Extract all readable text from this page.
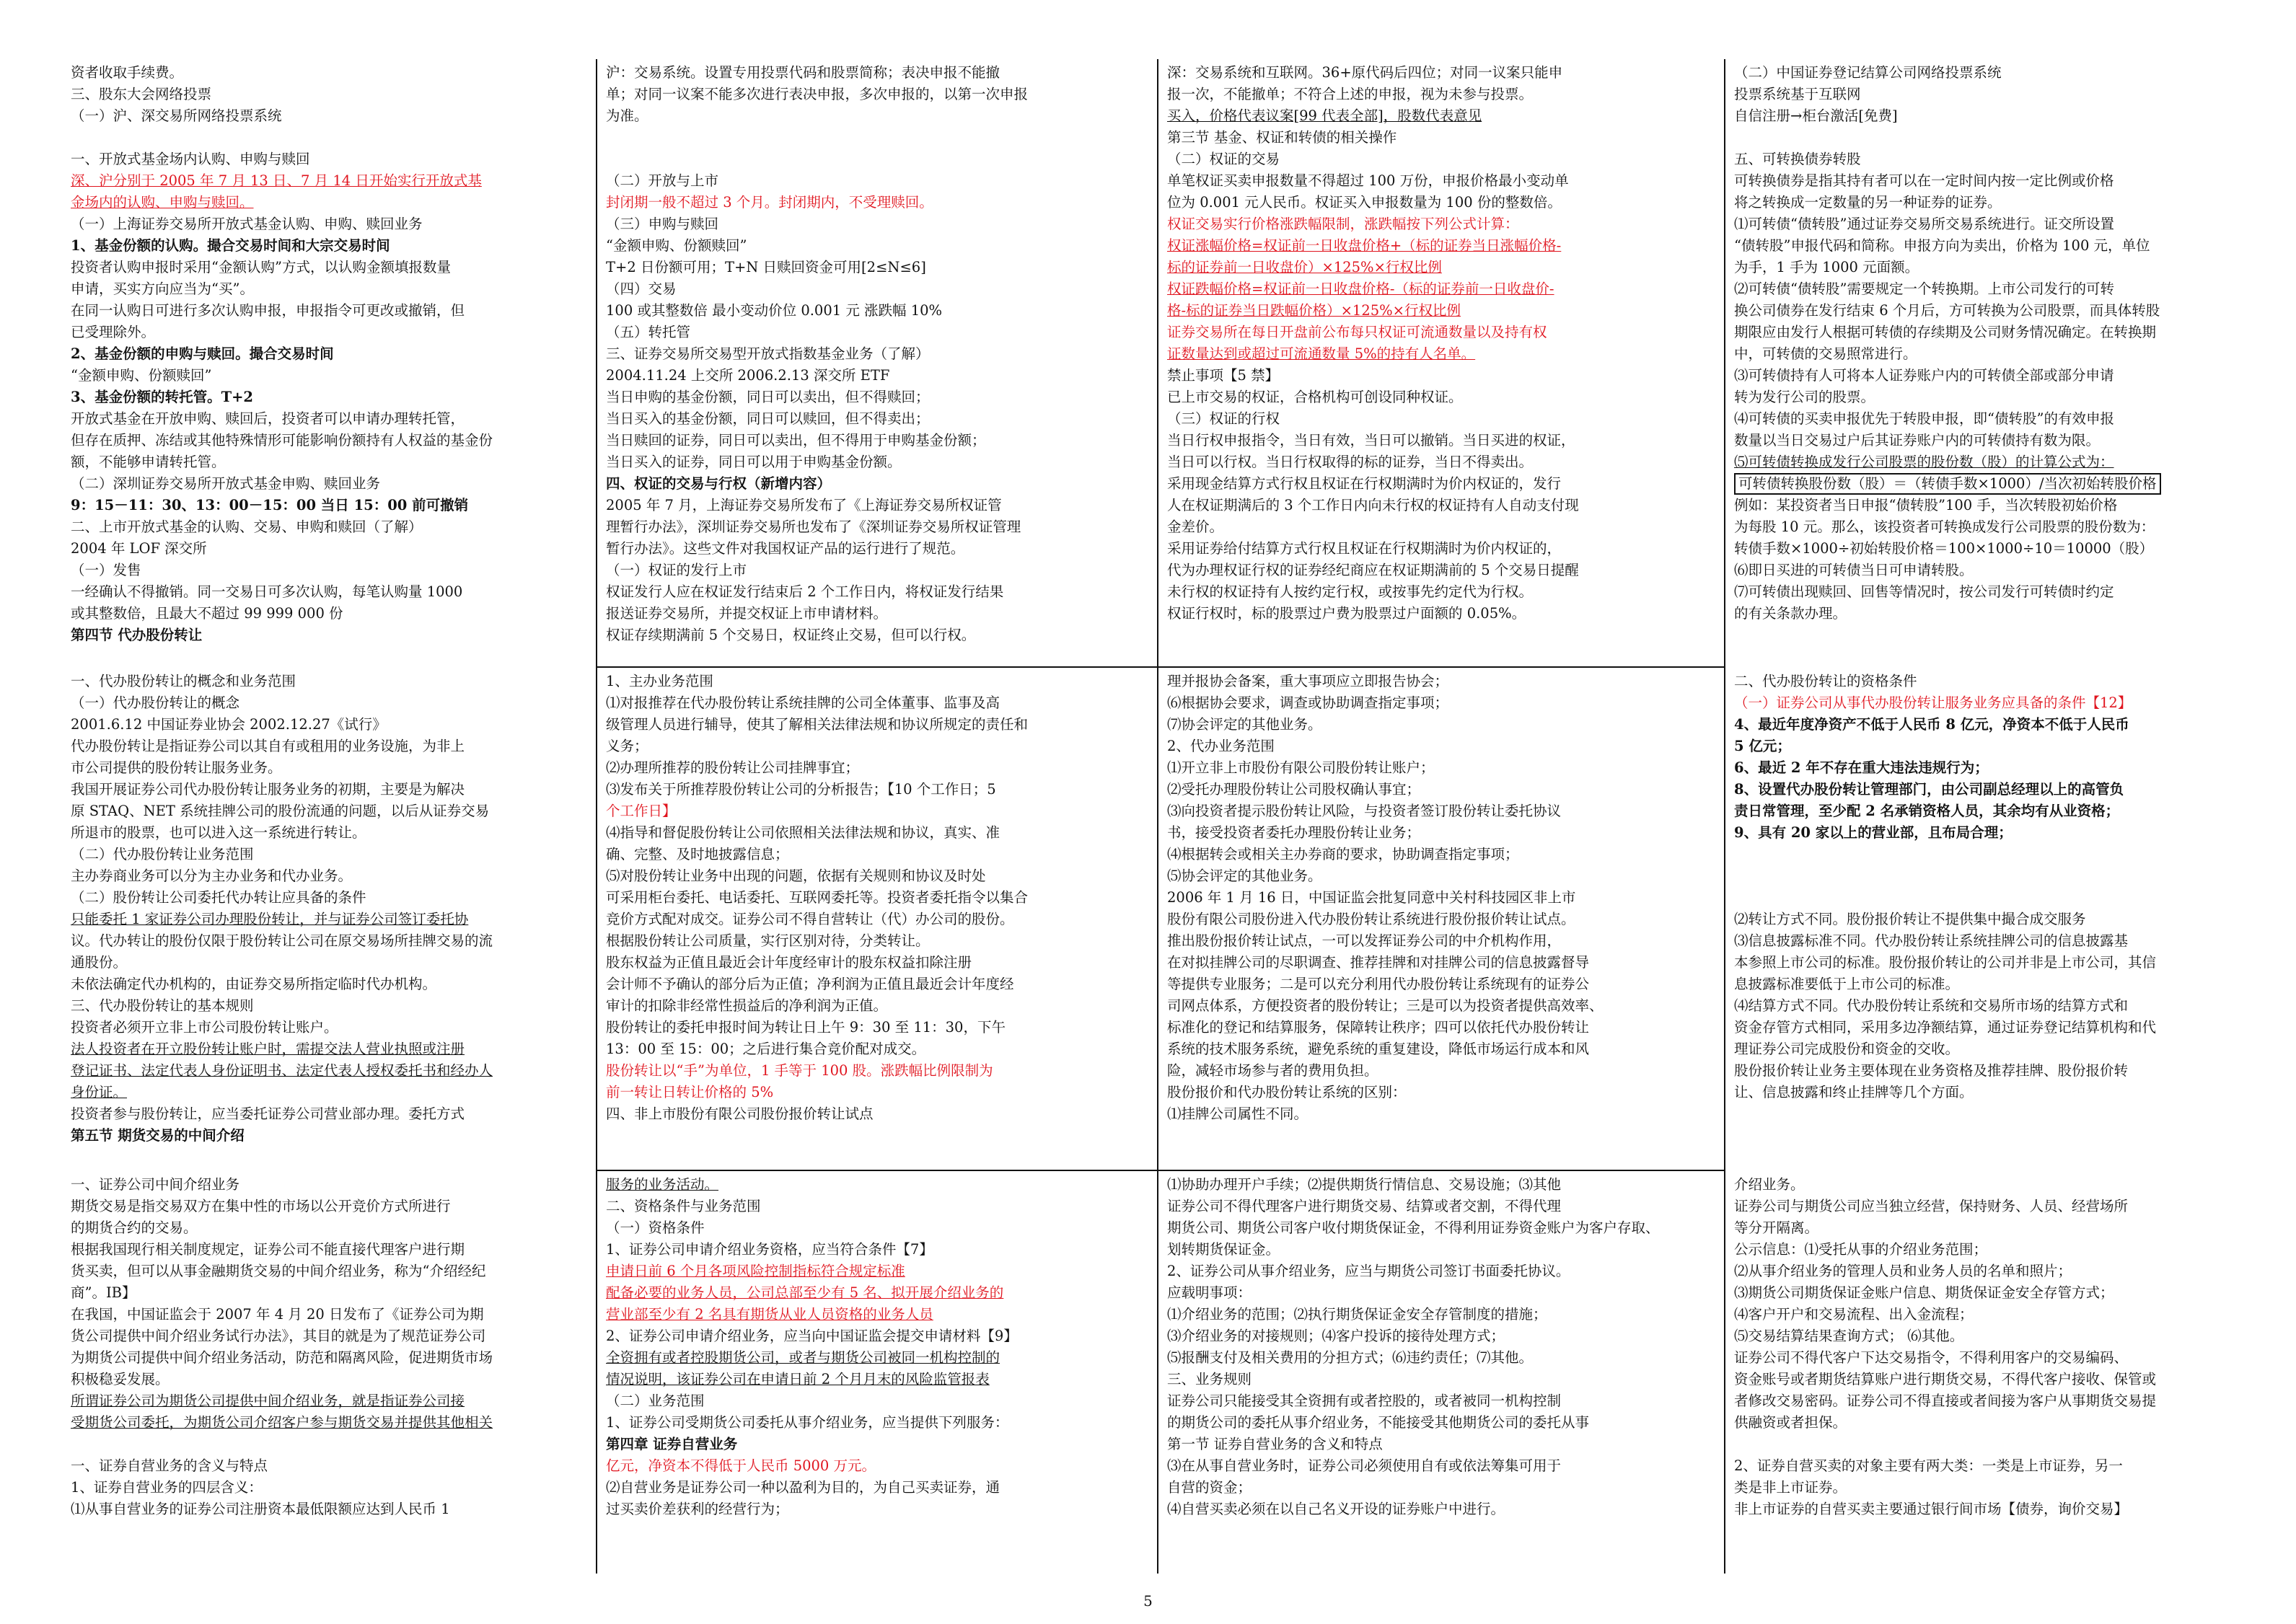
资者收取手续费。

三、股东大会网络投票

（一）沪、深交易所网络投票系统

一、开放式基金场内认购、申购与赎回

深、沪分别于 2005 年 7 月 13 日、7 月 14 日开始实行开放式基

金场内的认购、申购与赎回。

（一）上海证券交易所开放式基金认购、申购、赎回业务

1、基金份额的认购。撮合交易时间和大宗交易时间

投资者认购申报时采用“金额认购”方式，以认购金额填报数量

申请，买实方向应当为“买”。

在同一认购日可进行多次认购申报，申报指令可更改或撤销，但

已受理除外。

2、基金份额的申购与赎回。撮合交易时间

“金额申购、份额赎回”

3、基金份额的转托管。T+2

开放式基金在开放申购、赎回后，投资者可以申请办理转托管，

但存在质押、冻结或其他特殊情形可能影响份额持有人权益的基金份

额，不能够申请转托管。

（二）深圳证券交易所开放式基金申购、赎回业务

9：15－11：30、13：00－15：00 当日 15：00 前可撤销

二、上市开放式基金的认购、交易、申购和赎回（了解）

2004 年 LOF 深交所

（一）发售

一经确认不得撤销。同一交易日可多次认购，每笔认购量 1000

或其整数倍，且最大不超过 99 999 000 份

第四节 代办股份转让

沪：交易系统。设置专用投票代码和股票简称；表决申报不能撤

单；对同一议案不能多次进行表决申报，多次申报的，以第一次申报

为准。

（二）开放与上市

封闭期一般不超过 3 个月。封闭期内，不受理赎回。

（三）申购与赎回

“金额申购、份额赎回”

T+2 日份额可用；T+N 日赎回资金可用[2≤N≤6]

（四）交易

100 或其整数倍 最小变动价位 0.001 元 涨跌幅 10%

（五）转托管

三、证券交易所交易型开放式指数基金业务（了解）

2004.11.24 上交所 2006.2.13 深交所 ETF

当日申购的基金份额，同日可以卖出，但不得赎回；

当日买入的基金份额，同日可以赎回，但不得卖出；

当日赎回的证券，同日可以卖出，但不得用于申购基金份额；

当日买入的证券，同日可以用于申购基金份额。

四、权证的交易与行权（新增内容）

2005 年 7 月，上海证券交易所发布了《上海证券交易所权证管

理暂行办法》，深圳证券交易所也发布了《深圳证券交易所权证管理

暂行办法》。这些文件对我国权证产品的运行进行了规范。

（一）权证的发行上市

权证发行人应在权证发行结束后 2 个工作日内，将权证发行结果

报送证券交易所，并提交权证上市申请材料。

权证存续期满前 5 个交易日，权证终止交易，但可以行权。

深：交易系统和互联网。36+原代码后四位；对同一议案只能申

报一次，不能撤单；不符合上述的申报，视为未参与投票。

买入，价格代表议案[99 代表全部]，股数代表意见

第三节 基金、权证和转债的相关操作

（二）权证的交易

单笔权证买卖申报数量不得超过 100 万份，申报价格最小变动单

位为 0.001 元人民币。权证买入申报数量为 100 份的整数倍。

权证交易实行价格涨跌幅限制，涨跌幅按下列公式计算：

权证涨幅价格=权证前一日收盘价格+（标的证券当日涨幅价格-

标的证券前一日收盘价）×125%×行权比例

权证跌幅价格=权证前一日收盘价格-（标的证券前一日收盘价-

格-标的证券当日跌幅价格）×125%×行权比例

证券交易所在每日开盘前公布每只权证可流通数量以及持有权

证数量达到或超过可流通数量 5%的持有人名单。

禁止事项【5 禁】

已上市交易的权证，合格机构可创设同种权证。

（三）权证的行权

当日行权申报指令，当日有效，当日可以撤销。当日买进的权证，

当日可以行权。当日行权取得的标的证券，当日不得卖出。

采用现金结算方式行权且权证在行权期满时为价内权证的，发行

人在权证期满后的 3 个工作日内向未行权的权证持有人自动支付现

金差价。

采用证券给付结算方式行权且权证在行权期满时为价内权证的，

代为办理权证行权的证券经纪商应在权证期满前的 5 个交易日提醒

未行权的权证持有人按约定行权，或按事先约定代为行权。

权证行权时，标的股票过户费为股票过户面额的 0.05%。

（二）中国证券登记结算公司网络投票系统

投票系统基于互联网

自信注册→柜台激活[免费]

五、可转换债券转股

可转换债券是指其持有者可以在一定时间内按一定比例或价格

将之转换成一定数量的另一种证券的证券。

⑴可转债“债转股”通过证券交易所交易系统进行。证交所设置

“债转股”申报代码和简称。申报方向为卖出，价格为 100 元，单位

为手，1 手为 1000 元面额。

⑵可转债“债转股”需要规定一个转换期。上市公司发行的可转

换公司债券在发行结束 6 个月后，方可转换为公司股票，而具体转股

期限应由发行人根据可转债的存续期及公司财务情况确定。在转换期

中，可转债的交易照常进行。

⑶可转债持有人可将本人证券账户内的可转债全部或部分申请

转为发行公司的股票。

⑷可转债的买卖申报优先于转股申报，即“债转股”的有效申报

数量以当日交易过户后其证券账户内的可转债持有数为限。

⑸可转债转换成发行公司股票的股份数（股）的计算公式为：

可转债转换股份数（股）＝（转债手数×1000）/当次初始转股价格

例如：某投资者当日申报“债转股”100 手，当次转股初始价格

为每股 10 元。那么，该投资者可转换成发行公司股票的股份数为：

转债手数×1000÷初始转股价格＝100×1000÷10＝10000（股）

⑹即日买进的可转债当日可申请转股。

⑺可转债出现赎回、回售等情况时，按公司发行可转债时约定

的有关条款办理。

一、代办股份转让的概念和业务范围

（一）代办股份转让的概念

2001.6.12 中国证券业协会 2002.12.27《试行》

代办股份转让是指证券公司以其自有或租用的业务设施，为非上

市公司提供的股份转让服务业务。

我国开展证券公司代办股份转让服务业务的初期，主要是为解决

原 STAQ、NET 系统挂牌公司的股份流通的问题，以后从证券交易

所退市的股票，也可以进入这一系统进行转让。

（二）代办股份转让业务范围

主办券商业务可以分为主办业务和代办业务。

（二）股份转让公司委托代办转让应具备的条件

只能委托 1 家证券公司办理股份转让，并与证券公司签订委托协

议。代办转让的股份仅限于股份转让公司在原交易场所挂牌交易的流

通股份。

未依法确定代办机构的，由证券交易所指定临时代办机构。

三、代办股份转让的基本规则

投资者必须开立非上市公司股份转让账户。

法人投资者在开立股份转让账户时，需提交法人营业执照或注册

登记证书、法定代表人身份证明书、法定代表人授权委托书和经办人

身份证。

投资者参与股份转让，应当委托证券公司营业部办理。委托方式

第五节 期货交易的中间介绍

1、主办业务范围

⑴对报推荐在代办股份转让系统挂牌的公司全体董事、监事及高

级管理人员进行辅导，使其了解相关法律法规和协议所规定的责任和

义务；

⑵办理所推荐的股份转让公司挂牌事宜；

⑶发布关于所推荐股份转让公司的分析报告；【10 个工作日；5

个工作日】

⑷指导和督促股份转让公司依照相关法律法规和协议，真实、准

确、完整、及时地披露信息；

⑸对股份转让业务中出现的问题，依据有关规则和协议及时处

可采用柜台委托、电话委托、互联网委托等。投资者委托指令以集合

竞价方式配对成交。证券公司不得自营转让（代）办公司的股份。

根据股份转让公司质量，实行区别对待，分类转让。

股东权益为正值且最近会计年度经审计的股东权益扣除注册

会计师不予确认的部分后为正值；净利润为正值且最近会计年度经

审计的扣除非经常性损益后的净利润为正值。

股份转让的委托申报时间为转让日上午 9：30 至 11：30，下午

13：00 至 15：00；之后进行集合竞价配对成交。

股份转让以“手”为单位，1 手等于 100 股。涨跌幅比例限制为

前一转让日转让价格的 5%

四、非上市股份有限公司股份报价转让试点

理并报协会备案，重大事项应立即报告协会；

⑹根据协会要求，调查或协助调查指定事项；

⑺协会评定的其他业务。

2、代办业务范围

⑴开立非上市股份有限公司股份转让账户；

⑵受托办理股份转让公司股权确认事宜；

⑶向投资者提示股份转让风险，与投资者签订股份转让委托协议

书，接受投资者委托办理股份转让业务；

⑷根据转会或相关主办券商的要求，协助调查指定事项；

⑸协会评定的其他业务。

2006 年 1 月 16 日，中国证监会批复同意中关村科技园区非上市

股份有限公司股份进入代办股份转让系统进行股份报价转让试点。

推出股份报价转让试点，一可以发挥证券公司的中介机构作用，

在对拟挂牌公司的尽职调查、推荐挂牌和对挂牌公司的信息披露督导

等提供专业服务；二是可以充分利用代办股份转让系统现有的证券公

司网点体系，方便投资者的股份转让；三是可以为投资者提供高效率、

标准化的登记和结算服务，保障转让秩序；四可以依托代办股份转让

系统的技术服务系统，避免系统的重复建设，降低市场运行成本和风

险，减轻市场参与者的费用负担。

股份报价和代办股份转让系统的区别：

⑴挂牌公司属性不同。

二、代办股份转让的资格条件

（一）证券公司从事代办股份转让服务业务应具备的条件【12】

4、最近年度净资产不低于人民币 8 亿元，净资本不低于人民币

5 亿元；

6、最近 2 年不存在重大违法违规行为；

8、设置代办股份转让管理部门，由公司副总经理以上的高管负

责日常管理，至少配 2 名承销资格人员，其余均有从业资格；

9、具有 20 家以上的营业部，且布局合理；

⑵转让方式不同。股份报价转让不提供集中撮合成交服务

⑶信息披露标准不同。代办股份转让系统挂牌公司的信息披露基

本参照上市公司的标准。股份报价转让的公司并非是上市公司，其信

息披露标准要低于上市公司的标准。

⑷结算方式不同。代办股份转让系统和交易所市场的结算方式和

资金存管方式相同，采用多边净额结算，通过证券登记结算机构和代

理证券公司完成股份和资金的交收。

股份报价转让业务主要体现在业务资格及推荐挂牌、股份报价转

让、信息披露和终止挂牌等几个方面。

一、证券公司中间介绍业务

期货交易是指交易双方在集中性的市场以公开竞价方式所进行

的期货合约的交易。

根据我国现行相关制度规定，证券公司不能直接代理客户进行期

货买卖，但可以从事金融期货交易的中间介绍业务，称为“介绍经纪

商”。IB】

在我国，中国证监会于 2007 年 4 月 20 日发布了《证券公司为期

货公司提供中间介绍业务试行办法》，其目的就是为了规范证券公司

为期货公司提供中间介绍业务活动，防范和隔离风险，促进期货市场

积极稳妥发展。

所谓证券公司为期货公司提供中间介绍业务，就是指证券公司接

受期货公司委托，为期货公司介绍客户参与期货交易并提供其他相关

一、证券自营业务的含义与特点

1、证券自营业务的四层含义：

⑴从事自营业务的证券公司注册资本最低限额应达到人民币 1

服务的业务活动。

二、资格条件与业务范围

（一）资格条件

1、证券公司申请介绍业务资格，应当符合条件【7】

申请日前 6 个月各项风险控制指标符合规定标准

配备必要的业务人员，公司总部至少有 5 名、拟开展介绍业务的

营业部至少有 2 名具有期货从业人员资格的业务人员

2、证券公司申请介绍业务，应当向中国证监会提交申请材料【9】

全资拥有或者控股期货公司，或者与期货公司被同一机构控制的

情况说明，该证券公司在申请日前 2 个月月末的风险监管报表

（二）业务范围

1、证券公司受期货公司委托从事介绍业务，应当提供下列服务：

第四章 证券自营业务

亿元，净资本不得低于人民币 5000 万元。

⑵自营业务是证券公司一种以盈利为目的，为自己买卖证券，通

过买卖价差获利的经营行为；

⑴协助办理开户手续；⑵提供期货行情信息、交易设施；⑶其他

证券公司不得代理客户进行期货交易、结算或者交割，不得代理

期货公司、期货公司客户收付期货保证金，不得利用证券资金账户为客户存取、

划转期货保证金。

2、证券公司从事介绍业务，应当与期货公司签订书面委托协议。

应载明事项：

⑴介绍业务的范围；⑵执行期货保证金安全存管制度的措施；

⑶介绍业务的对接规则；⑷客户投诉的接待处理方式；

⑸报酬支付及相关费用的分担方式；⑹违约责任；⑺其他。

三、业务规则

证券公司只能接受其全资拥有或者控股的，或者被同一机构控制

的期货公司的委托从事介绍业务，不能接受其他期货公司的委托从事

第一节 证券自营业务的含义和特点

⑶在从事自营业务时，证券公司必须使用自有或依法筹集可用于

自营的资金；

⑷自营买卖必须在以自己名义开设的证券账户中进行。

介绍业务。

证券公司与期货公司应当独立经营，保持财务、人员、经营场所

等分开隔离。

公示信息：⑴受托从事的介绍业务范围；

⑵从事介绍业务的管理人员和业务人员的名单和照片；

⑶期货公司期货保证金账户信息、期货保证金安全存管方式；

⑷客户开户和交易流程、出入金流程；

⑸交易结算结果查询方式； ⑹其他。

证券公司不得代客户下达交易指令，不得利用客户的交易编码、

资金账号或者期货结算账户进行期货交易，不得代客户接收、保管或

者修改交易密码。证券公司不得直接或者间接为客户从事期货交易提

供融资或者担保。

2、证券自营买卖的对象主要有两大类：一类是上市证券，另一

类是非上市证券。

非上市证券的自营买卖主要通过银行间市场【债券，询价交易】

5
